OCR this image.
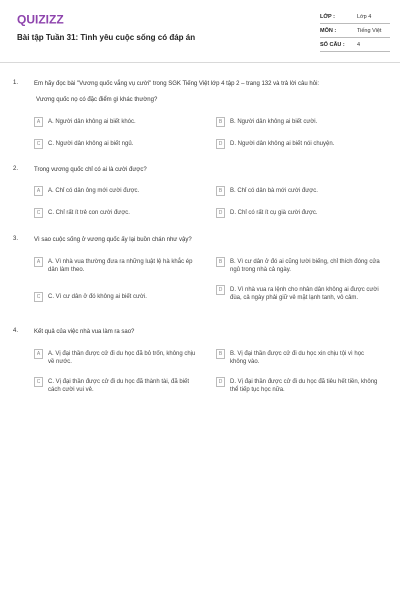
QUIZIZZ
Bài tập Tuần 31: Tình yêu cuộc sống có đáp án
LỚP :	Lớp 4
MÔN :	Tiếng Việt
SỐ CÂU : 4
1.	Em hãy đọc bài "Vương quốc vắng vụ cười" trong SGK Tiếng Việt lớp 4 tập 2 – trang 132 và trả lời câu hỏi:
Vương quốc nọ có đặc điểm gì khác thường?
A	A. Người dân không ai biết khóc.	B	B. Người dân không ai biết cười.
C	C. Người dân không ai biết ngủ.	D	D. Người dân không ai biết nói chuyện.
2.	Trong vương quốc chỉ có ai là cười được?
A	A. Chỉ có dân ông mới cười được.	B	B. Chỉ có dân bà mới cười được.
C	C. Chỉ rất ít trẻ con cười được.	D	D. Chỉ có rất ít cụ già cười được.
3.	Vì sao cuộc sống ở vương quốc ấy lại buồn chán như vậy?
A	A. Vì nhà vua thường đưa ra những luật lệ hà khắc ép dân làm theo.
B	B. Vì cư dân ở đó ai cũng lười biếng, chỉ thích đóng cửa ngủ trong nhà cả ngày.
C	C. Vì cư dân ở đó không ai biết cười.
D	D. Vì nhà vua ra lệnh cho nhân dân không ai được cười đùa, cả ngày phải giữ vẻ mặt lạnh tanh, vô cảm.
4.	Kết quả của việc nhà vua làm ra sao?
A	A. Vị đại thần được cử đi du học đã bỏ trốn, không chịu về nước.
B	B. Vị đại thần được cử đi du học xin chịu tội vì học không vào.
C	C. Vị đại thần được cử đi du học đã thành tài, đã biết cách cười vui vẻ.
D	D. Vị đại thần được cử đi du học đã tiêu hết tiền, không thể tiếp tục học nữa.
